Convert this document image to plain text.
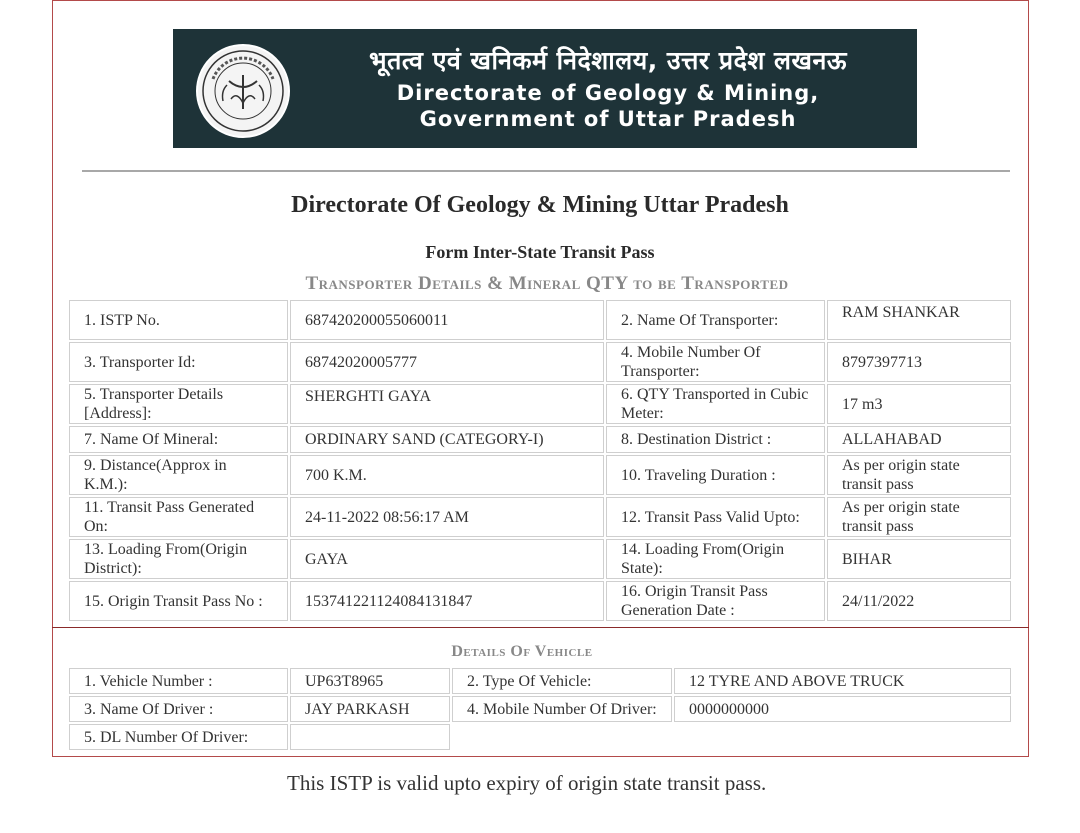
भूतत्व एवं खनिकर्म निदेशालय, उत्तर प्रदेश लखनऊ
Directorate of Geology & Mining,
Government of Uttar Pradesh
Directorate Of Geology & Mining Uttar Pradesh
Form Inter-State Transit Pass
Transporter Details & Mineral QTY to be Transported
1. ISTP No.	687420200055060011	2. Name Of Transporter:	RAM SHANKAR
3. Transporter Id:	68742020005777	4. Mobile Number Of Transporter:	8797397713
5. Transporter Details [Address]:	SHERGHTI GAYA	6. QTY Transported in Cubic Meter:	17 m3
7. Name Of Mineral:	ORDINARY SAND (CATEGORY-I)	8. Destination District :	ALLAHABAD
9. Distance(Approx in K.M.):	700 K.M.	10. Traveling Duration :	As per origin state transit pass
11. Transit Pass Generated On:	24-11-2022 08:56:17 AM	12. Transit Pass Valid Upto:	As per origin state transit pass
13. Loading From(Origin District):	GAYA	14. Loading From(Origin State):	BIHAR
15. Origin Transit Pass No :	153741221124084131847	16. Origin Transit Pass Generation Date :	24/11/2022
Details Of Vehicle
1. Vehicle Number :	UP63T8965	2. Type Of Vehicle:	12 TYRE AND ABOVE TRUCK
3. Name Of Driver :	JAY PARKASH	4. Mobile Number Of Driver:	0000000000
5. DL Number Of Driver:			
This ISTP is valid upto expiry of origin state transit pass.
